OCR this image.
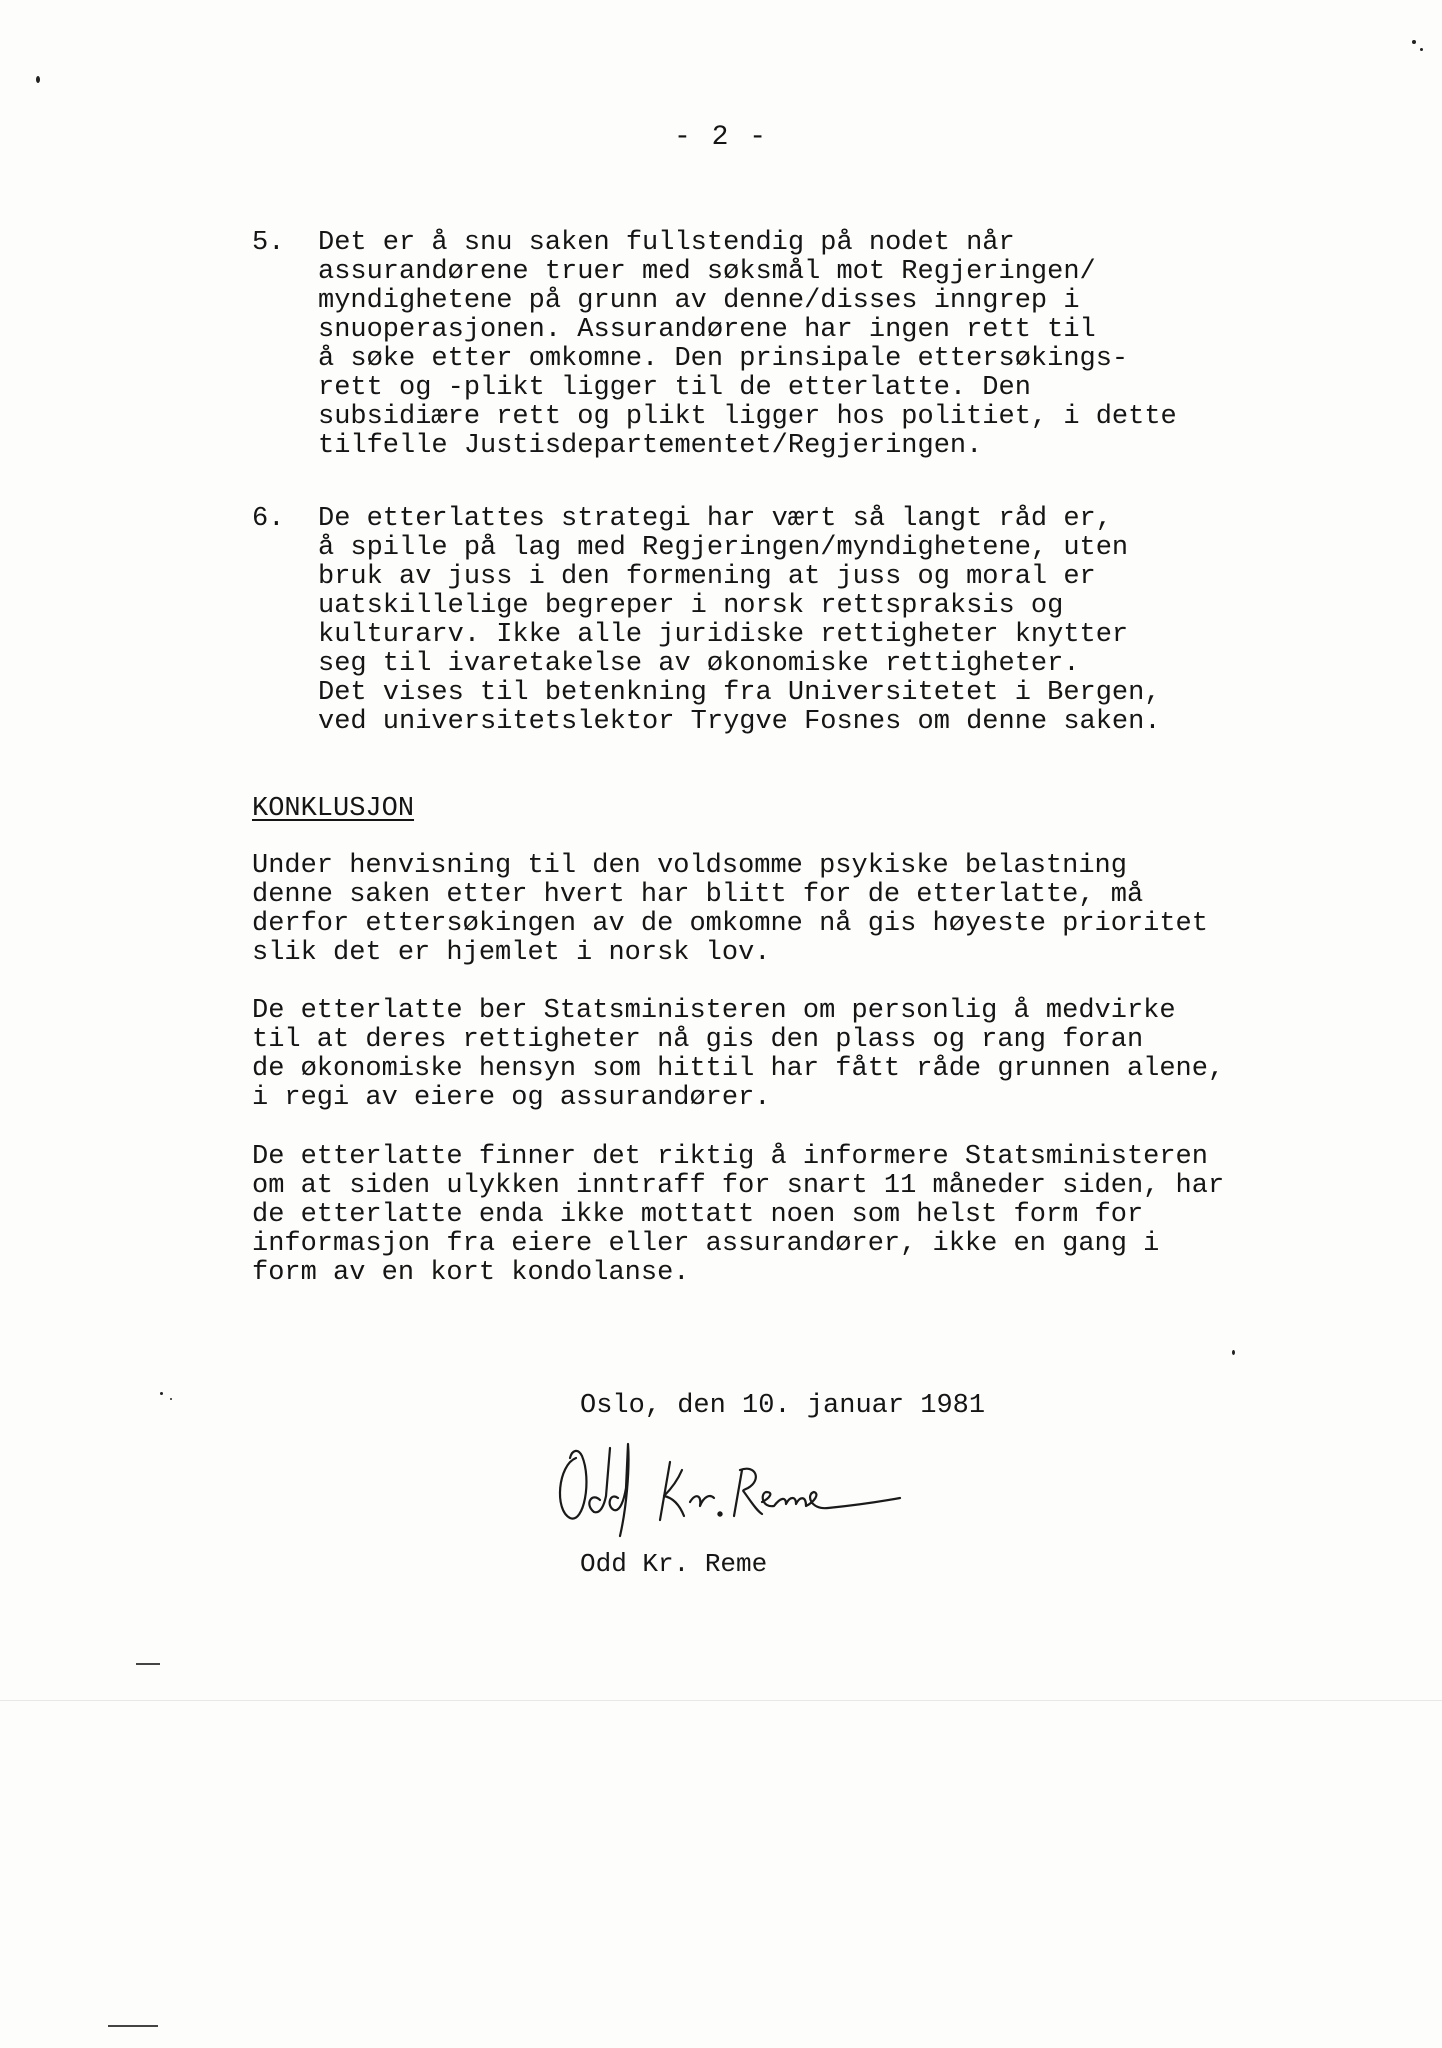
- 2 -
5. Det er å snu saken fullstendig på nodet når
assurandørene truer med søksmål mot Regjeringen/
myndighetene på grunn av denne/disses inngrep i
snuoperasjonen. Assurandørene har ingen rett til
å søke etter omkomne. Den prinsipale ettersøkings-
rett og -plikt ligger til de etterlatte. Den
subsidiære rett og plikt ligger hos politiet, i dette
tilfelle Justisdepartementet/Regjeringen.
6. De etterlattes strategi har vært så langt råd er,
å spille på lag med Regjeringen/myndighetene, uten
bruk av juss i den formening at juss og moral er
uatskillelige begreper i norsk rettspraksis og
kulturarv. Ikke alle juridiske rettigheter knytter
seg til ivaretakelse av økonomiske rettigheter.
Det vises til betenkning fra Universitetet i Bergen,
ved universitetslektor Trygve Fosnes om denne saken.
KONKLUSJON
Under henvisning til den voldsomme psykiske belastning
denne saken etter hvert har blitt for de etterlatte, må
derfor ettersøkingen av de omkomne nå gis høyeste prioritet
slik det er hjemlet i norsk lov.
De etterlatte ber Statsministeren om personlig å medvirke
til at deres rettigheter nå gis den plass og rang foran
de økonomiske hensyn som hittil har fått råde grunnen alene,
i regi av eiere og assurandører.
De etterlatte finner det riktig å informere Statsministeren
om at siden ulykken inntraff for snart 11 måneder siden, har
de etterlatte enda ikke mottatt noen som helst form for
informasjon fra eiere eller assurandører, ikke en gang i
form av en kort kondolanse.
Oslo, den 10. januar 1981
Odd Kr. Reme
